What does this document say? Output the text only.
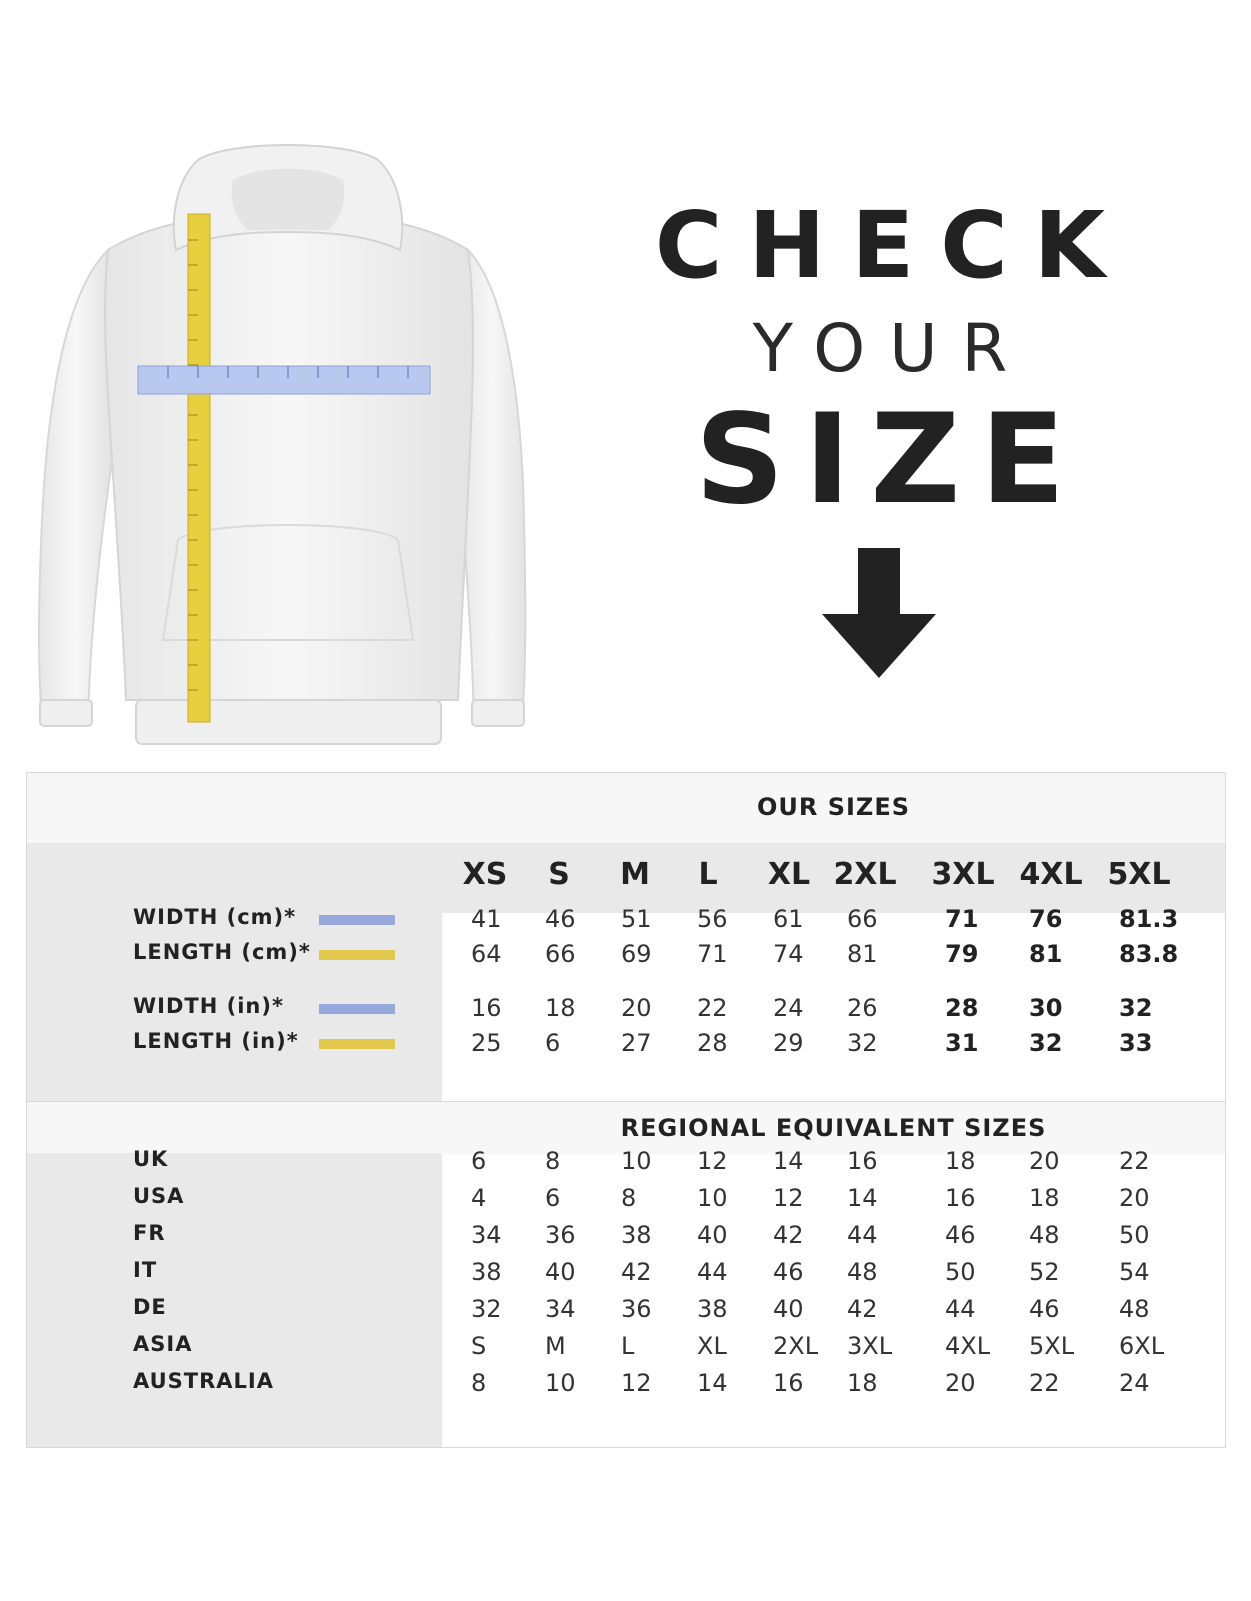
CHECK
YOUR
SIZE
OUR SIZES
REGIONAL EQUIVALENT SIZES
XS S M L XL 2XL 3XL 4XL 5XL
WIDTH (cm)*	41 46 51 56 61 66	71 76 81.3
LENGTH (cm)*	64 66 69 71 74 81	79 81 83.8
WIDTH (in)*	16 18 20 22 24 26	28 30 32
LENGTH (in)*	25 6	27 28 29 32	31 32 33
UK	6 8	10 12 14 16	18 20 22
USA	4 6	8	10 12 14	16 18 20
FR	34 36 38 40 42 44	46 48 50
IT	38 40 42 44 46 48	50 52 54
DE	32 34 36 38 40 42	44 46 48
ASIA	S M L	XL 2XL 3XL 4XL 5XL 6XL
AUSTRALIA	8 10 12 14 16 18	20 22 24
